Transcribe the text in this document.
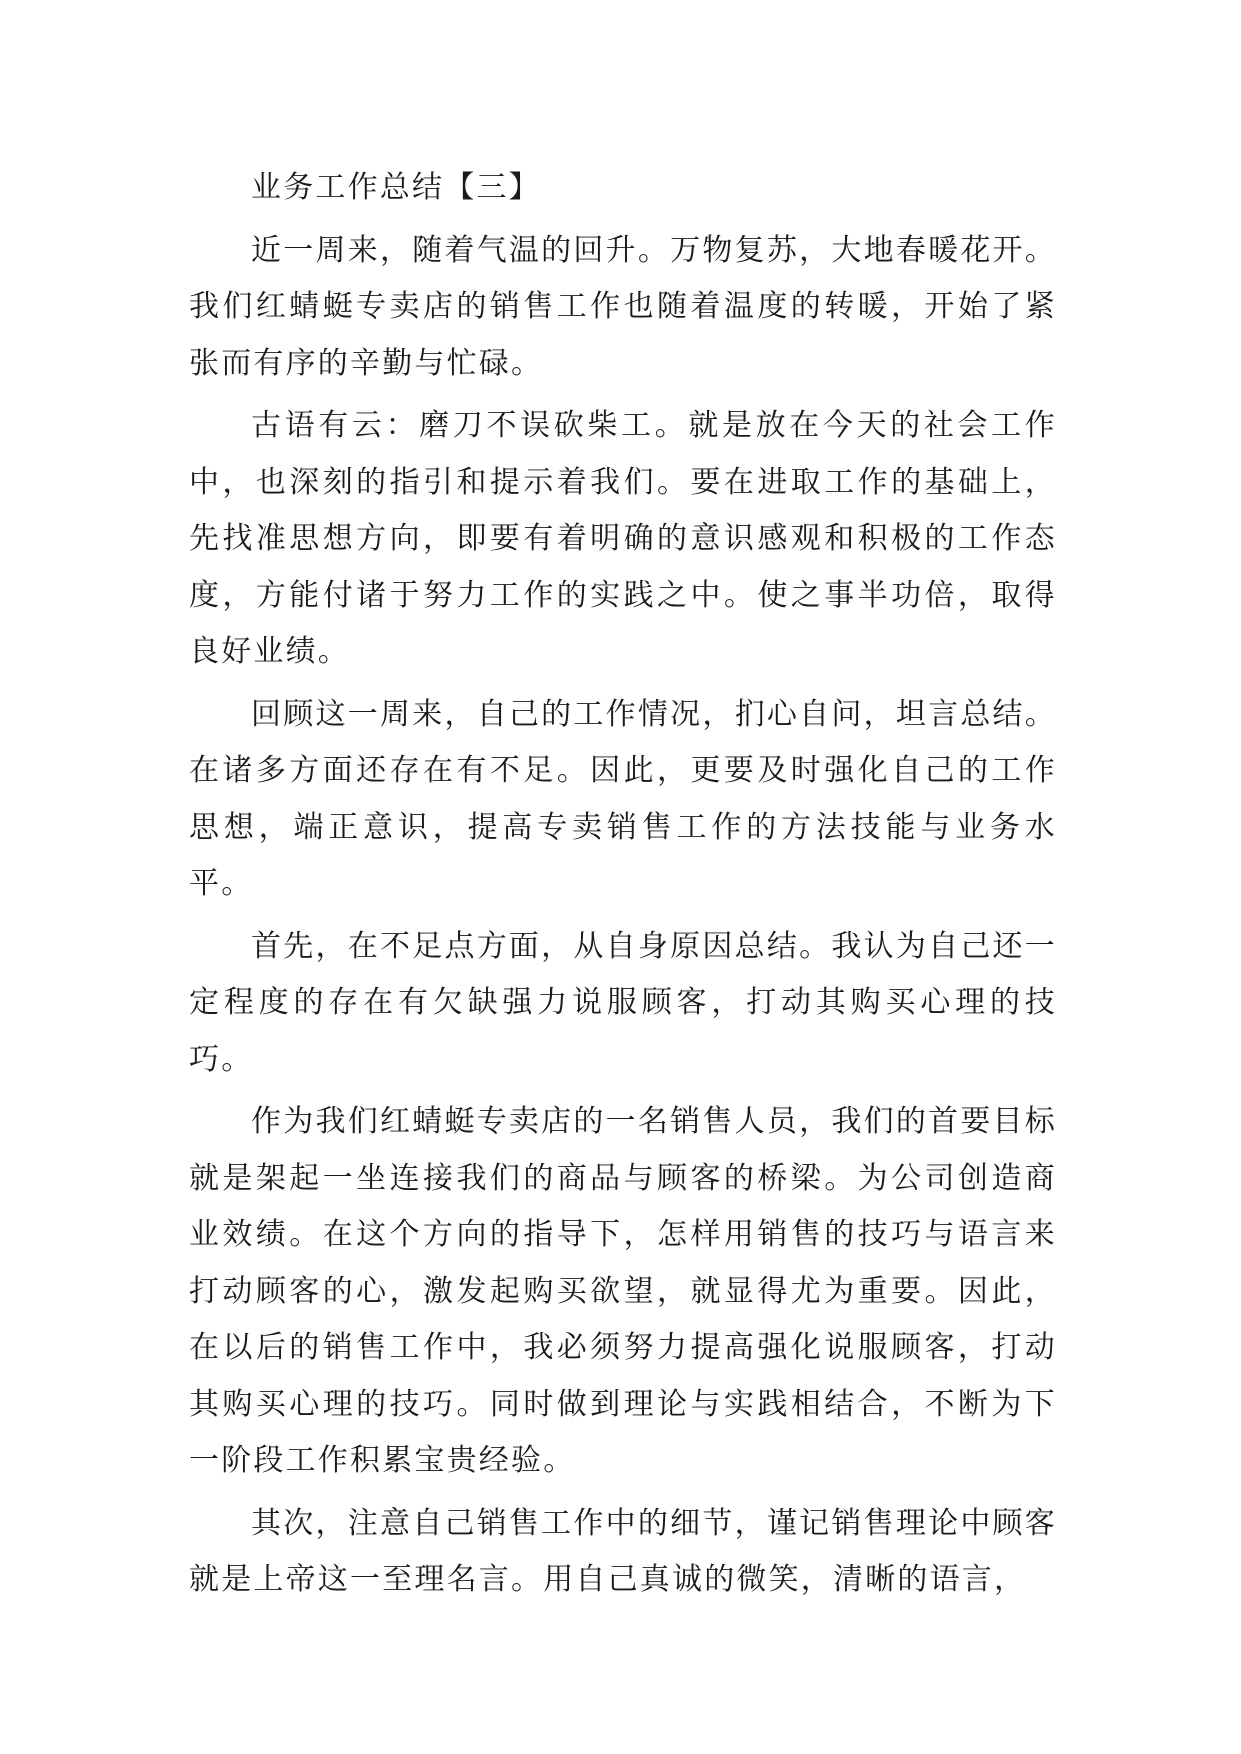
业务工作总结【三】

近一周来，随着气温的回升。万物复苏，大地春暖花开。我们红蜻蜓专卖店的销售工作也随着温度的转暖，开始了紧张而有序的辛勤与忙碌。

古语有云：磨刀不误砍柴工。就是放在今天的社会工作中，也深刻的指引和提示着我们。要在进取工作的基础上，先找准思想方向，即要有着明确的意识感观和积极的工作态度，方能付诸于努力工作的实践之中。使之事半功倍，取得良好业绩。

回顾这一周来，自己的工作情况，扪心自问，坦言总结。在诸多方面还存在有不足。因此，更要及时强化自己的工作思想，端正意识，提高专卖销售工作的方法技能与业务水平。

首先，在不足点方面，从自身原因总结。我认为自己还一定程度的存在有欠缺强力说服顾客，打动其购买心理的技巧。

作为我们红蜻蜓专卖店的一名销售人员，我们的首要目标就是架起一坐连接我们的商品与顾客的桥梁。为公司创造商业效绩。在这个方向的指导下，怎样用销售的技巧与语言来打动顾客的心，激发起购买欲望，就显得尤为重要。因此，在以后的销售工作中，我必须努力提高强化说服顾客，打动其购买心理的技巧。同时做到理论与实践相结合，不断为下一阶段工作积累宝贵经验。

其次，注意自己销售工作中的细节，谨记销售理论中顾客就是上帝这一至理名言。用自己真诚的微笑，清晰的语言，
